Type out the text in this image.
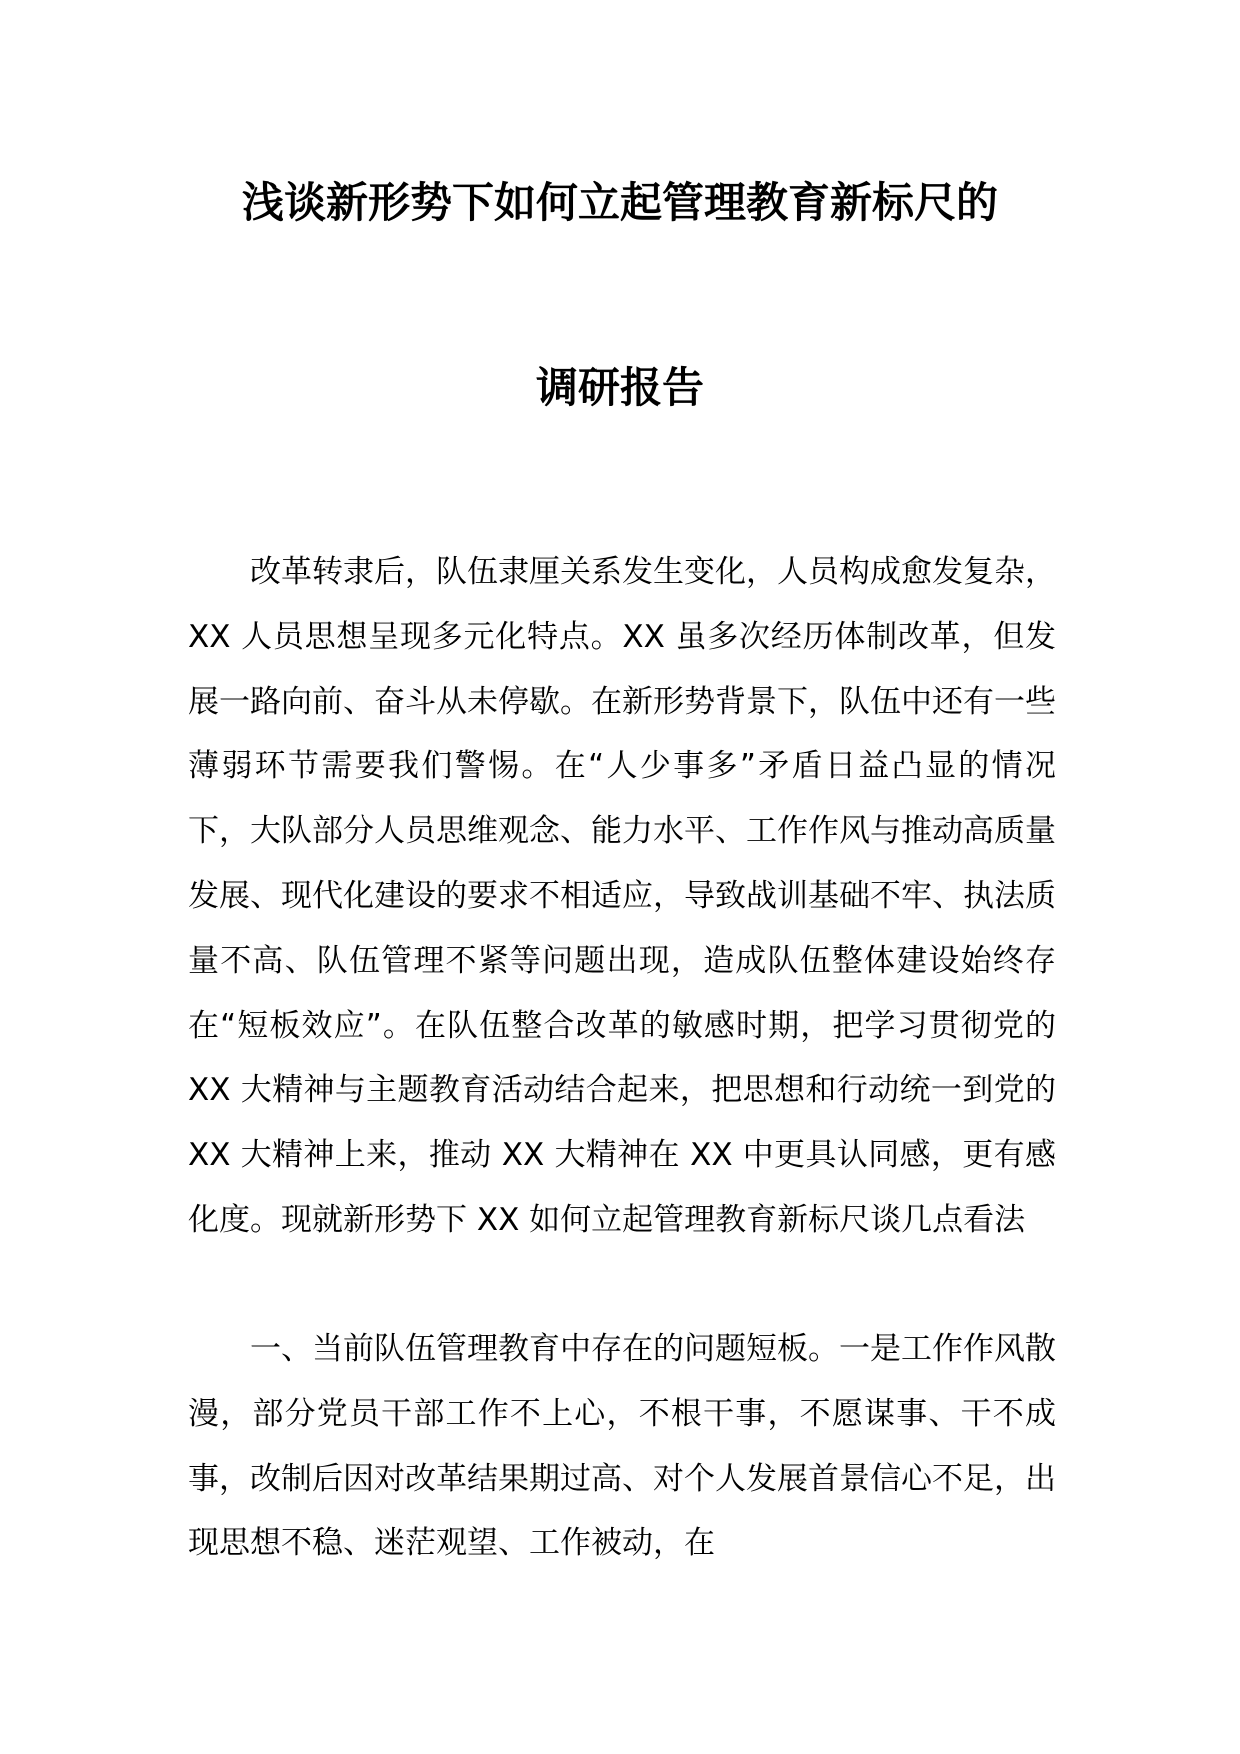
浅谈新形势下如何立起管理教育新标尺的
调研报告

改革转隶后，队伍隶厘关系发生变化，人员构成愈发复杂，XX 人员思想呈现多元化特点。XX 虽多次经历体制改革，但发展一路向前、奋斗从未停歇。在新形势背景下，队伍中还有一些薄弱环节需要我们警惕。在“人少事多”矛盾日益凸显的情况下，大队部分人员思维观念、能力水平、工作作风与推动高质量发展、现代化建设的要求不相适应，导致战训基础不牢、执法质量不高、队伍管理不紧等问题出现，造成队伍整体建设始终存在“短板效应”。在队伍整合改革的敏感时期，把学习贯彻党的 XX 大精神与主题教育活动结合起来，把思想和行动统一到党的 XX 大精神上来，推动 XX 大精神在 XX 中更具认同感，更有感化度。现就新形势下 XX 如何立起管理教育新标尺谈几点看法

一、当前队伍管理教育中存在的问题短板。一是工作作风散漫，部分党员干部工作不上心，不根干事，不愿谋事、干不成事，改制后因对改革结果期过高、对个人发展首景信心不足，出现思想不稳、迷茫观望、工作被动，在
